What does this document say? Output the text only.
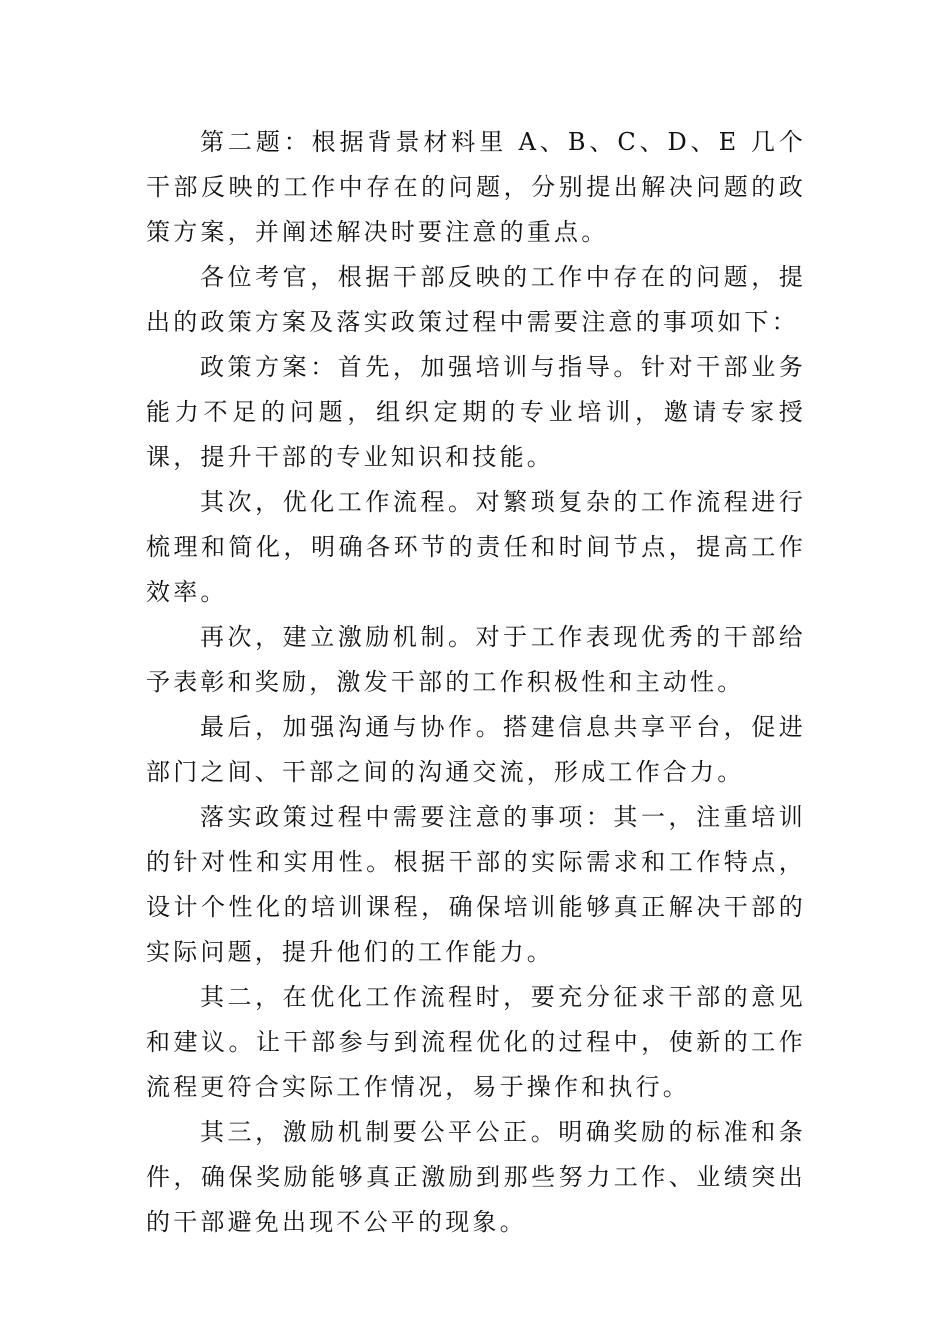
第二题：根据背景材料里 A、B、C、D、E 几个干部反映的工作中存在的问题，分别提出解决问题的政策方案，并阐述解决时要注意的重点。

各位考官，根据干部反映的工作中存在的问题，提出的政策方案及落实政策过程中需要注意的事项如下：

政策方案：首先，加强培训与指导。针对干部业务能力不足的问题，组织定期的专业培训，邀请专家授课，提升干部的专业知识和技能。

其次，优化工作流程。对繁琐复杂的工作流程进行梳理和简化，明确各环节的责任和时间节点，提高工作效率。

再次，建立激励机制。对于工作表现优秀的干部给予表彰和奖励，激发干部的工作积极性和主动性。

最后，加强沟通与协作。搭建信息共享平台，促进部门之间、干部之间的沟通交流，形成工作合力。

落实政策过程中需要注意的事项：其一，注重培训的针对性和实用性。根据干部的实际需求和工作特点，设计个性化的培训课程，确保培训能够真正解决干部的实际问题，提升他们的工作能力。

其二，在优化工作流程时，要充分征求干部的意见和建议。让干部参与到流程优化的过程中，使新的工作流程更符合实际工作情况，易于操作和执行。

其三，激励机制要公平公正。明确奖励的标准和条件，确保奖励能够真正激励到那些努力工作、业绩突出的干部避免出现不公平的现象。
